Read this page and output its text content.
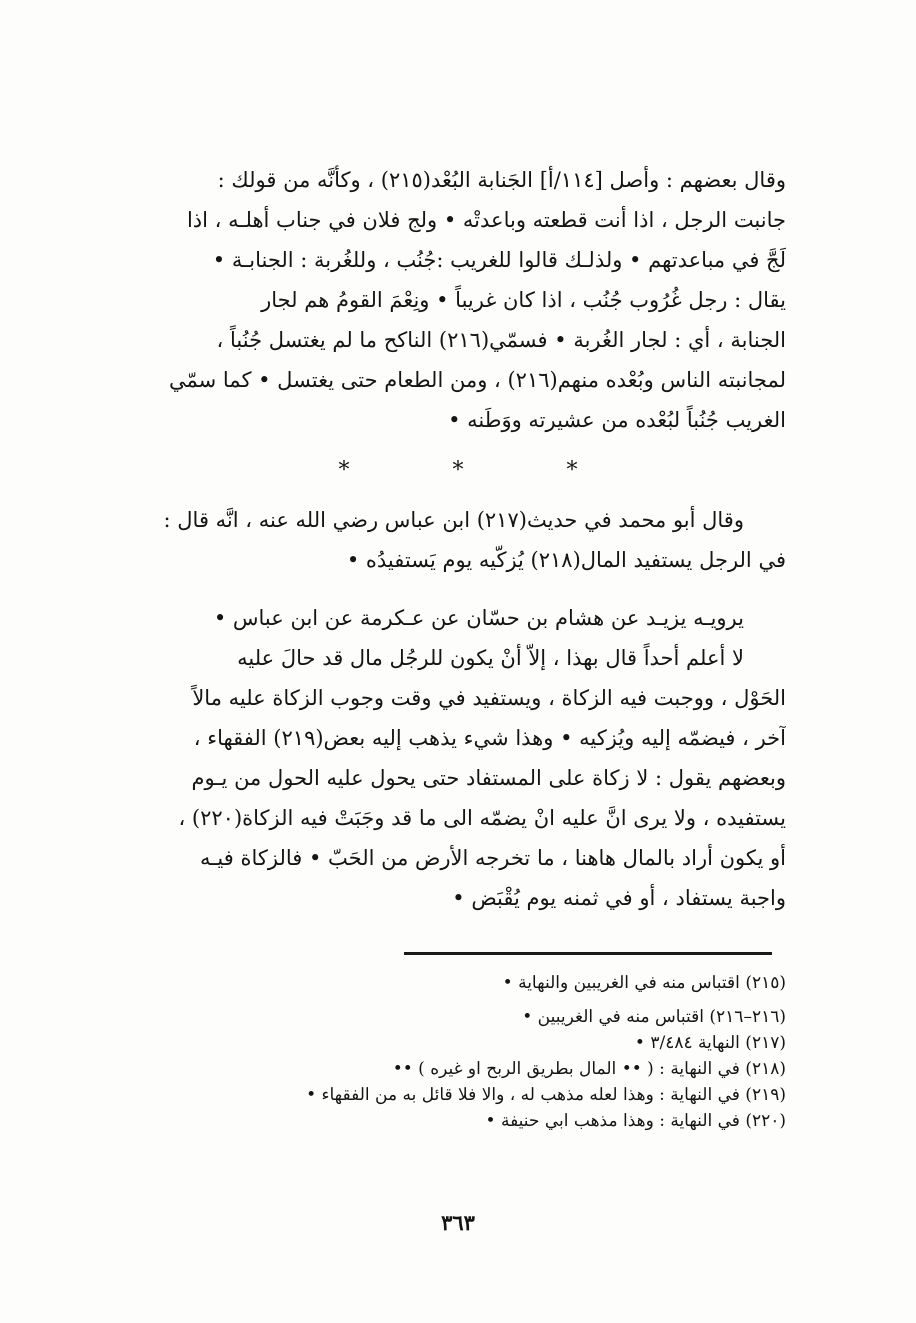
وقال بعضهم : وأصل [١١٤/أ] الجَنابة البُعْد(٢١٥) ، وكأنَّه من قولك :
جانبت الرجل ، اذا أنت قطعته وباعدتْه • ولج فلان في جناب أهلـه ، اذا
لَجَّ في مباعدتهم • ولذلـك قالوا للغريب :جُنُب ، وللغُربة : الجنابـة •
يقال : رجل غُرُوب جُنُب ، اذا كان غريباً • ونِعْمَ القومُ هم لجار
الجنابة ، أي : لجار الغُربة • فسمّي(٢١٦) الناكح ما لم يغتسل جُنُباً ،
لمجانبته الناس وبُعْده منهم(٢١٦) ، ومن الطعام حتى يغتسل • كما سمّي
الغريب جُنُباً لبُعْده من عشيرته ووَطَنه •
* * *
وقال أبو محمد في حديث(٢١٧) ابن عباس رضي الله عنه ، انَّه قال :
في الرجل يستفيد المال(٢١٨) يُزكّيه يوم يَستفيدُه •
يرويـه يزيـد عن هشام بن حسّان عن عـكرمة عن ابن عباس •
لا أعلم أحداً قال بهذا ، إلاّ أنْ يكون للرجُل مال قد حالَ عليه
الحَوْل ، ووجبت فيه الزكاة ، ويستفيد في وقت وجوب الزكاة عليه مالاً
آخر ، فيضمّه إليه ويُزكيه • وهذا شيء يذهب إليه بعض(٢١٩) الفقهاء ،
وبعضهم يقول : لا زكاة على المستفاد حتى يحول عليه الحول من يـوم
يستفيده ، ولا يرى انَّ عليه انْ يضمّه الى ما قد وجَبَتْ فيه الزكاة(٢٢٠) ،
أو يكون أراد بالمال هاهنا ، ما تخرجه الأرض من الحَبّ • فالزكاة فيـه
واجبة يستفاد ، أو في ثمنه يوم يُقْبَض •
(٢١٥) اقتباس منه في الغريبين والنهاية •
(٢١٦–٢١٦) اقتباس منه في الغريبين •
(٢١٧) النهاية ٣/٤٨٤ •
(٢١٨) في النهاية : ( •• المال بطريق الربح او غيره ) ••
(٢١٩) في النهاية : وهذا لعله مذهب له ، والا فلا قائل به من الفقهاء •
(٢٢٠) في النهاية : وهذا مذهب ابي حنيفة •
٣٦٣
